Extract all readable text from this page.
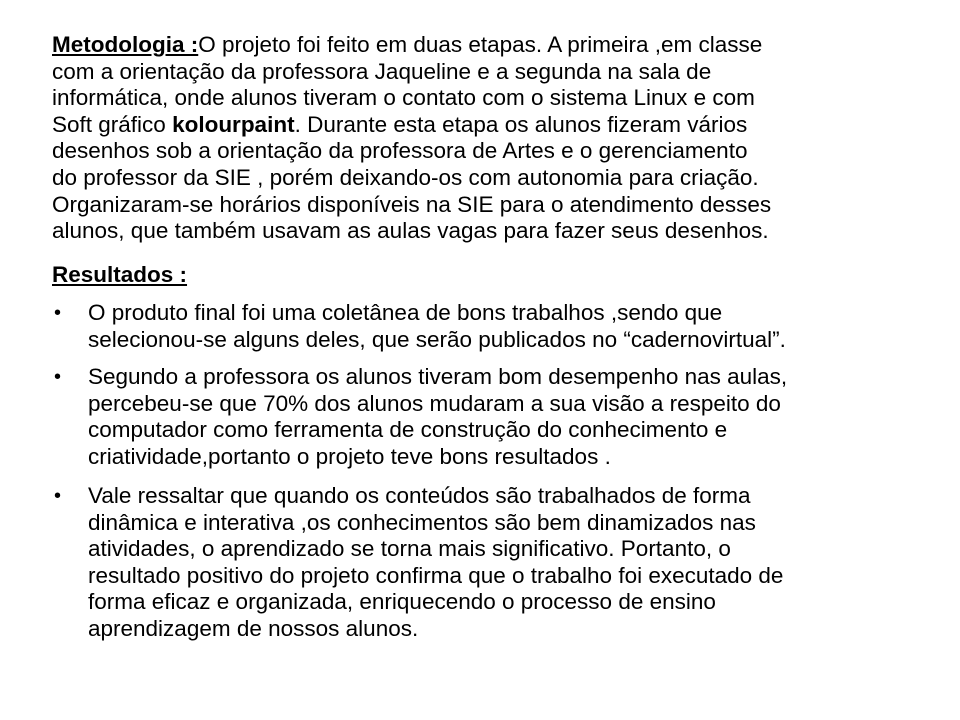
Metodologia :O projeto foi feito em duas etapas. A primeira ,em classe
com a orientação da professora Jaqueline e a segunda na sala de
informática, onde alunos tiveram o contato com o sistema Linux e com
Soft gráfico kolourpaint. Durante esta etapa os alunos fizeram vários
desenhos sob a orientação da professora de Artes e o gerenciamento
do professor da SIE , porém deixando-os com autonomia para criação.
Organizaram-se horários disponíveis na SIE para o atendimento desses
alunos, que também usavam as aulas vagas para fazer seus desenhos.
Resultados :
•	O produto final foi uma coletânea de bons trabalhos ,sendo que
selecionou-se alguns deles, que serão publicados no “cadernovirtual”.
•	Segundo a professora os alunos tiveram bom desempenho nas aulas,
percebeu-se que 70% dos alunos mudaram a sua visão a respeito do
computador como ferramenta de construção do conhecimento e
criatividade,portanto o projeto teve bons resultados .
•	Vale ressaltar que quando os conteúdos são trabalhados de forma
dinâmica e interativa ,os conhecimentos são bem dinamizados nas
atividades, o aprendizado se torna mais significativo. Portanto, o
resultado positivo do projeto confirma que o trabalho foi executado de
forma eficaz e organizada, enriquecendo o processo de ensino
aprendizagem de nossos alunos.
